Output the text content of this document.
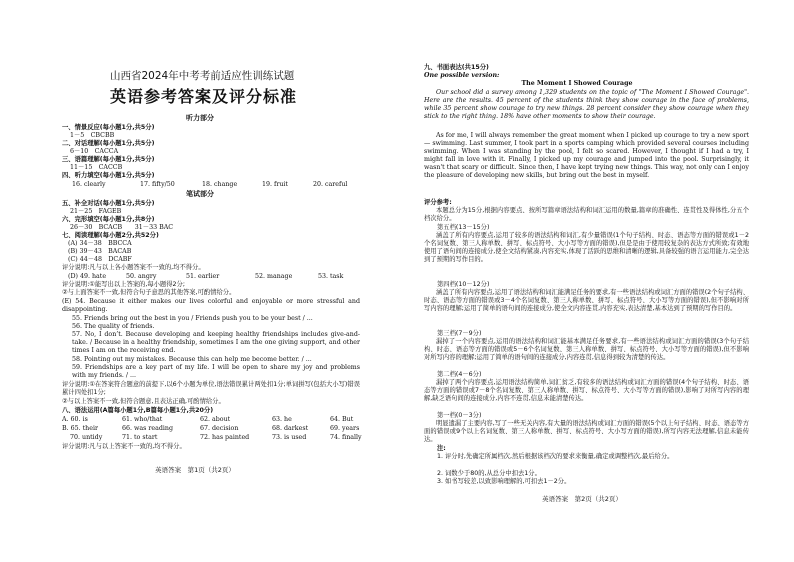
山西省2024年中考考前适应性训练试题
英语参考答案及评分标准
听力部分
一、情景反应(每小题1分,共5分)
1－5　CBCBB
二、对话理解(每小题1分,共5分)
6－10　CACCA
三、语篇理解(每小题1分,共5分)
11－15　CACCB
四、听力填空(每小题1分,共5分)
16. clearly	17. fifty/50	18. change	19. fruit	20. careful
笔试部分
五、补全对话(每小题1分,共5分)
21－25　FAGEB
六、完形填空(每小题1分,共8分)
26－30　BCACB　　31－33 BAC
七、阅读理解(每小题2分,共52分)
(A) 34－38　BBCCA
(B) 39－43　BACAB
(C) 44－48　DCABF
评分说明:凡与以上各小题答案不一致的,均不得分。
(D) 49. hate	50. angry	51. earlier	52. manage	53. task
评分说明:①能写出以上答案的,每小题得2分;
②与上面答案不一致,但符合句子意思的其他答案,可酌情给分。
(E) 54. Because it either makes our lives colorful and enjoyable or more stressful and disappointing.
55. Friends bring out the best in you / Friends push you to be your best / ...
56. The quality of friends.
57. No, I don’t. Because developing and keeping healthy friendships includes give-and-take. / Because in a healthy friendship, sometimes I am the one giving support, and other times I am on the receiving end.
58. Pointing out my mistakes. Because this can help me become better. / ...
59. Friendships are a key part of my life. I will be open to share my joy and problems with my friends. / ...
评分说明:①在答案符合题意的前提下,以6个小题为单位,语法错误累计两处扣1分;单词拼写(包括大小写)错误累计四处扣1分;
②与以上答案不一致,但符合题意,且表达正确,可酌情给分。
八、语法运用(A篇每小题1分,B篇每小题1分,共20分)
A. 60. is	61. who/that	62. about	63. he	64. But
B. 65. their	66. was reading	67. decision	68. darkest	69. years
70. untidy	71. to start	72. has painted	73. is used	74. finally
评分说明:凡与以上答案不一致的,均不得分。
英语答案　第1页（共2页）
九、书面表达(共15分)
One possible version:
The Moment I Showed Courage
Our school did a survey among 1,329 students on the topic of "The Moment I Showed Courage". Here are the results. 45 percent of the students think they show courage in the face of problems, while 35 percent show courage to try new things. 28 percent consider they show courage when they stick to the right thing. 18% have other moments to show their courage.
As for me, I will always remember the great moment when I picked up courage to try a new sport — swimming. Last summer, I took part in a sports camping which provided several courses including swimming. When I was standing by the pool, I felt so scared. However, I thought if I had a try, I might fall in love with it. Finally, I picked up my courage and jumped into the pool. Surprisingly, it wasn't that scary or difficult. Since then, I have kept trying new things. This way, not only can I enjoy the pleasure of developing new skills, but bring out the best in myself.
评分参考:
本题总分为15分,根据内容要点、按所写篇章语法结构和词汇运用的数量,篇章的准确性、连贯性及得体性,分五个档次给分。
第五档(13－15分)
涵盖了所有内容要点,运用了较多的语法结构和词汇,有少量错误(1个句子结构、时态、语态等方面的错误或1－2个名词复数、第三人称单数、拼写、标点符号、大小写等方面的错误),但是是由于使用较复杂的表达方式所致;有效地使用了语句间的连接成分,使全文结构紧凑,内容充实,体现了活跃的思维和清晰的逻辑,具备较强的语言运用能力,完全达到了预期的写作目的。
第四档(10－12分)
涵盖了所有内容要点,运用了语法结构和词汇能满足任务的要求,有一些语法结构或词汇方面的错误(2个句子结构、时态、语态等方面的错误或3－4个名词复数、第三人称单数、拼写、标点符号、大小写等方面的错误),但不影响对所写内容的理解;运用了简单的语句间的连接成分,使全文内容连贯,内容充实,表达清楚,基本达到了预期的写作目的。
第三档(7－9分)
漏掉了一个内容要点,运用的语法结构和词汇能基本满足任务要求,有一些语法结构或词汇方面的错误(3个句子结构、时态、语态等方面的错误或5－6个名词复数、第三人称单数、拼写、标点符号、大小写等方面的错误),但不影响对所写内容的理解;运用了简单的语句间的连接成分,内容连贯,信息得到较为清楚的传达。
第二档(4－6分)
漏掉了两个内容要点,运用语法结构简单,词汇贫乏,有较多的语法结构或词汇方面的错误(4个句子结构、时态、语态等方面的错误或7－8个名词复数、第三人称单数、拼写、标点符号、大小写等方面的错误),影响了对所写内容的理解,缺乏语句间的连接成分,内容不连贯,信息未能清楚传达。
第一档(0－3分)
明显遗漏了主要内容,写了一些无关内容,有大量的语法结构或词汇方面的错误(5个以上句子结构、时态、语态等方面的错误或9个以上名词复数、第三人称单数、拼写、标点符号、大小写方面的错误),所写内容无法理解,信息未能传达。
注:
1. 评分时,先确定所属档次,然后根据该档次的要求来衡量,确定或调整档次,最后给分。
2. 词数少于80的,从总分中扣去1分。
3. 如书写较差,以致影响理解的,可扣去1－2分。
英语答案　第2页（共2页）
